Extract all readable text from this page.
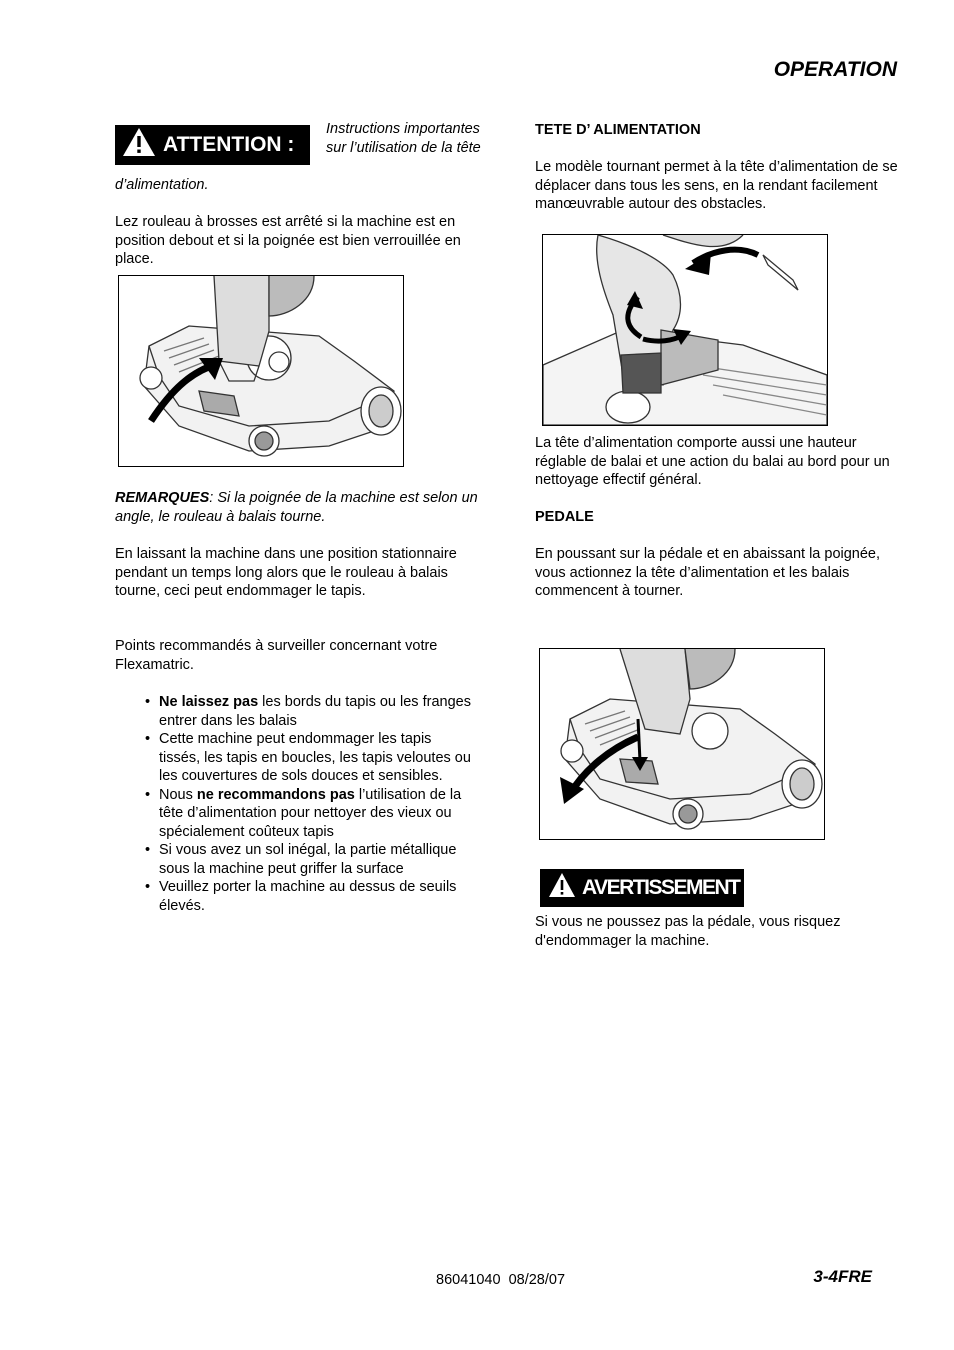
OPERATION
ATTENTION :
Instructions importantes sur l’utilisation de la tête
d’alimentation.

Lez rouleau à brosses est arrêté si la machine est en position debout et si la poignée est bien verrouillée en place.

REMARQUES: Si la poignée de la machine est selon un angle, le rouleau à balais tourne.

En laissant la machine dans une position stationnaire pendant un temps long alors que le rouleau à balais tourne, ceci peut endommager le tapis.

Points recommandés à surveiller concernant votre Flexamatric.

• Ne laissez pas les bords du tapis ou les franges entrer dans les balais
• Cette machine peut endommager les tapis tissés, les tapis en boucles, les tapis veloutes ou les couvertures de sols douces et sensibles.
• Nous ne recommandons pas l’utilisation de la tête d’alimentation pour nettoyer des vieux ou spécialement coûteux tapis
• Si vous avez un sol inégal, la partie métallique sous la machine peut griffer la surface
• Veuillez porter la machine au dessus de seuils élevés.

TETE D’ ALIMENTATION

Le modèle tournant permet à la tête d’alimentation de se déplacer dans tous les sens, en la rendant facilement manœuvrable autour des obstacles.

La tête d’alimentation comporte aussi une hauteur réglable de balai et une action du balai au bord pour un nettoyage effectif général.

PEDALE

En poussant sur la pédale et en abaissant la poignée, vous actionnez la tête d’alimentation et les balais commencent à tourner.

AVERTISSEMENT

Si vous ne poussez pas la pédale, vous risquez d'endommager la machine.

86041040  08/28/07	3-4FRE
